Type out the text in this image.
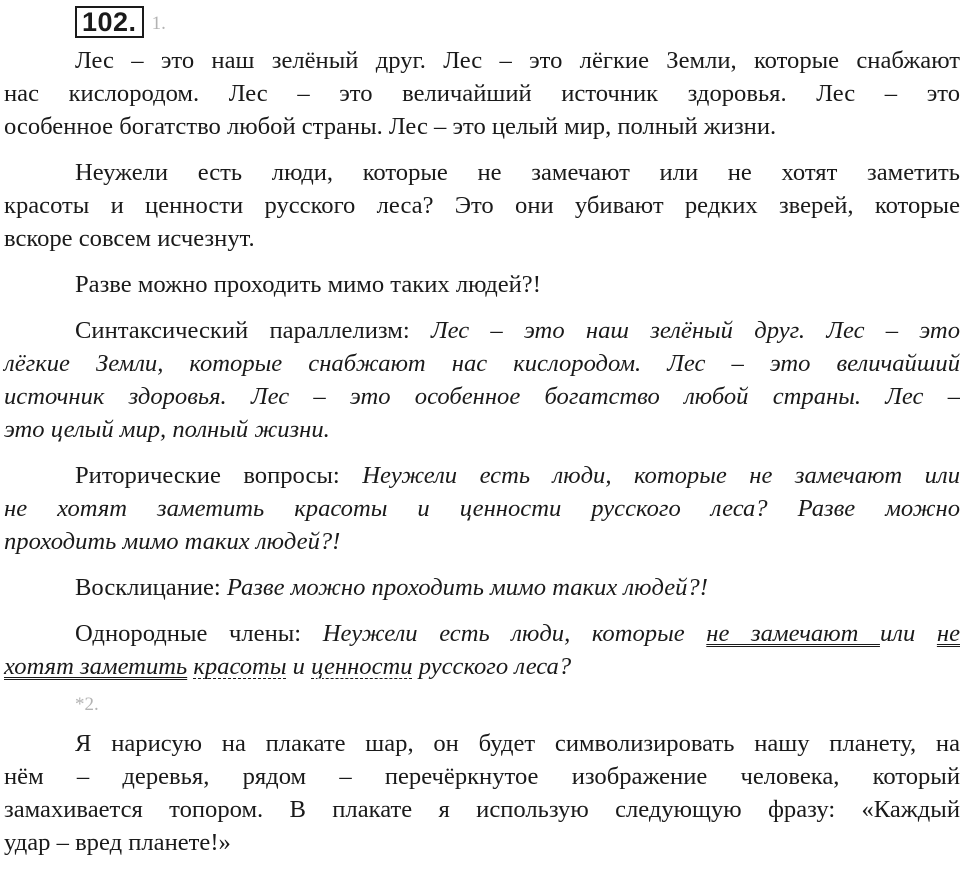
102. 1.

Лес – это наш зелёный друг. Лес – это лёгкие Земли, которые снабжают
нас кислородом. Лес – это величайший источник здоровья. Лес – это
особенное богатство любой страны. Лес – это целый мир, полный жизни.

Неужели есть люди, которые не замечают или не хотят заметить
красоты и ценности русского леса? Это они убивают редких зверей, которые
вскоре совсем исчезнут.

Разве можно проходить мимо таких людей?!

Синтаксический параллелизм: Лес – это наш зелёный друг. Лес – это
лёгкие Земли, которые снабжают нас кислородом. Лес – это величайший
источник здоровья. Лес – это особенное богатство любой страны. Лес –
это целый мир, полный жизни.

Риторические вопросы: Неужели есть люди, которые не замечают или
не хотят заметить красоты и ценности русского леса? Разве можно
проходить мимо таких людей?!

Восклицание: Разве можно проходить мимо таких людей?!

Однородные члены: Неужели есть люди, которые не замечают или не
хотят заметить красоты и ценности русского леса?

*2.

Я нарисую на плакате шар, он будет символизировать нашу планету, на
нём – деревья, рядом – перечёркнутое изображение человека, который
замахивается топором. В плакате я использую следующую фразу: «Каждый
удар – вред планете!»
